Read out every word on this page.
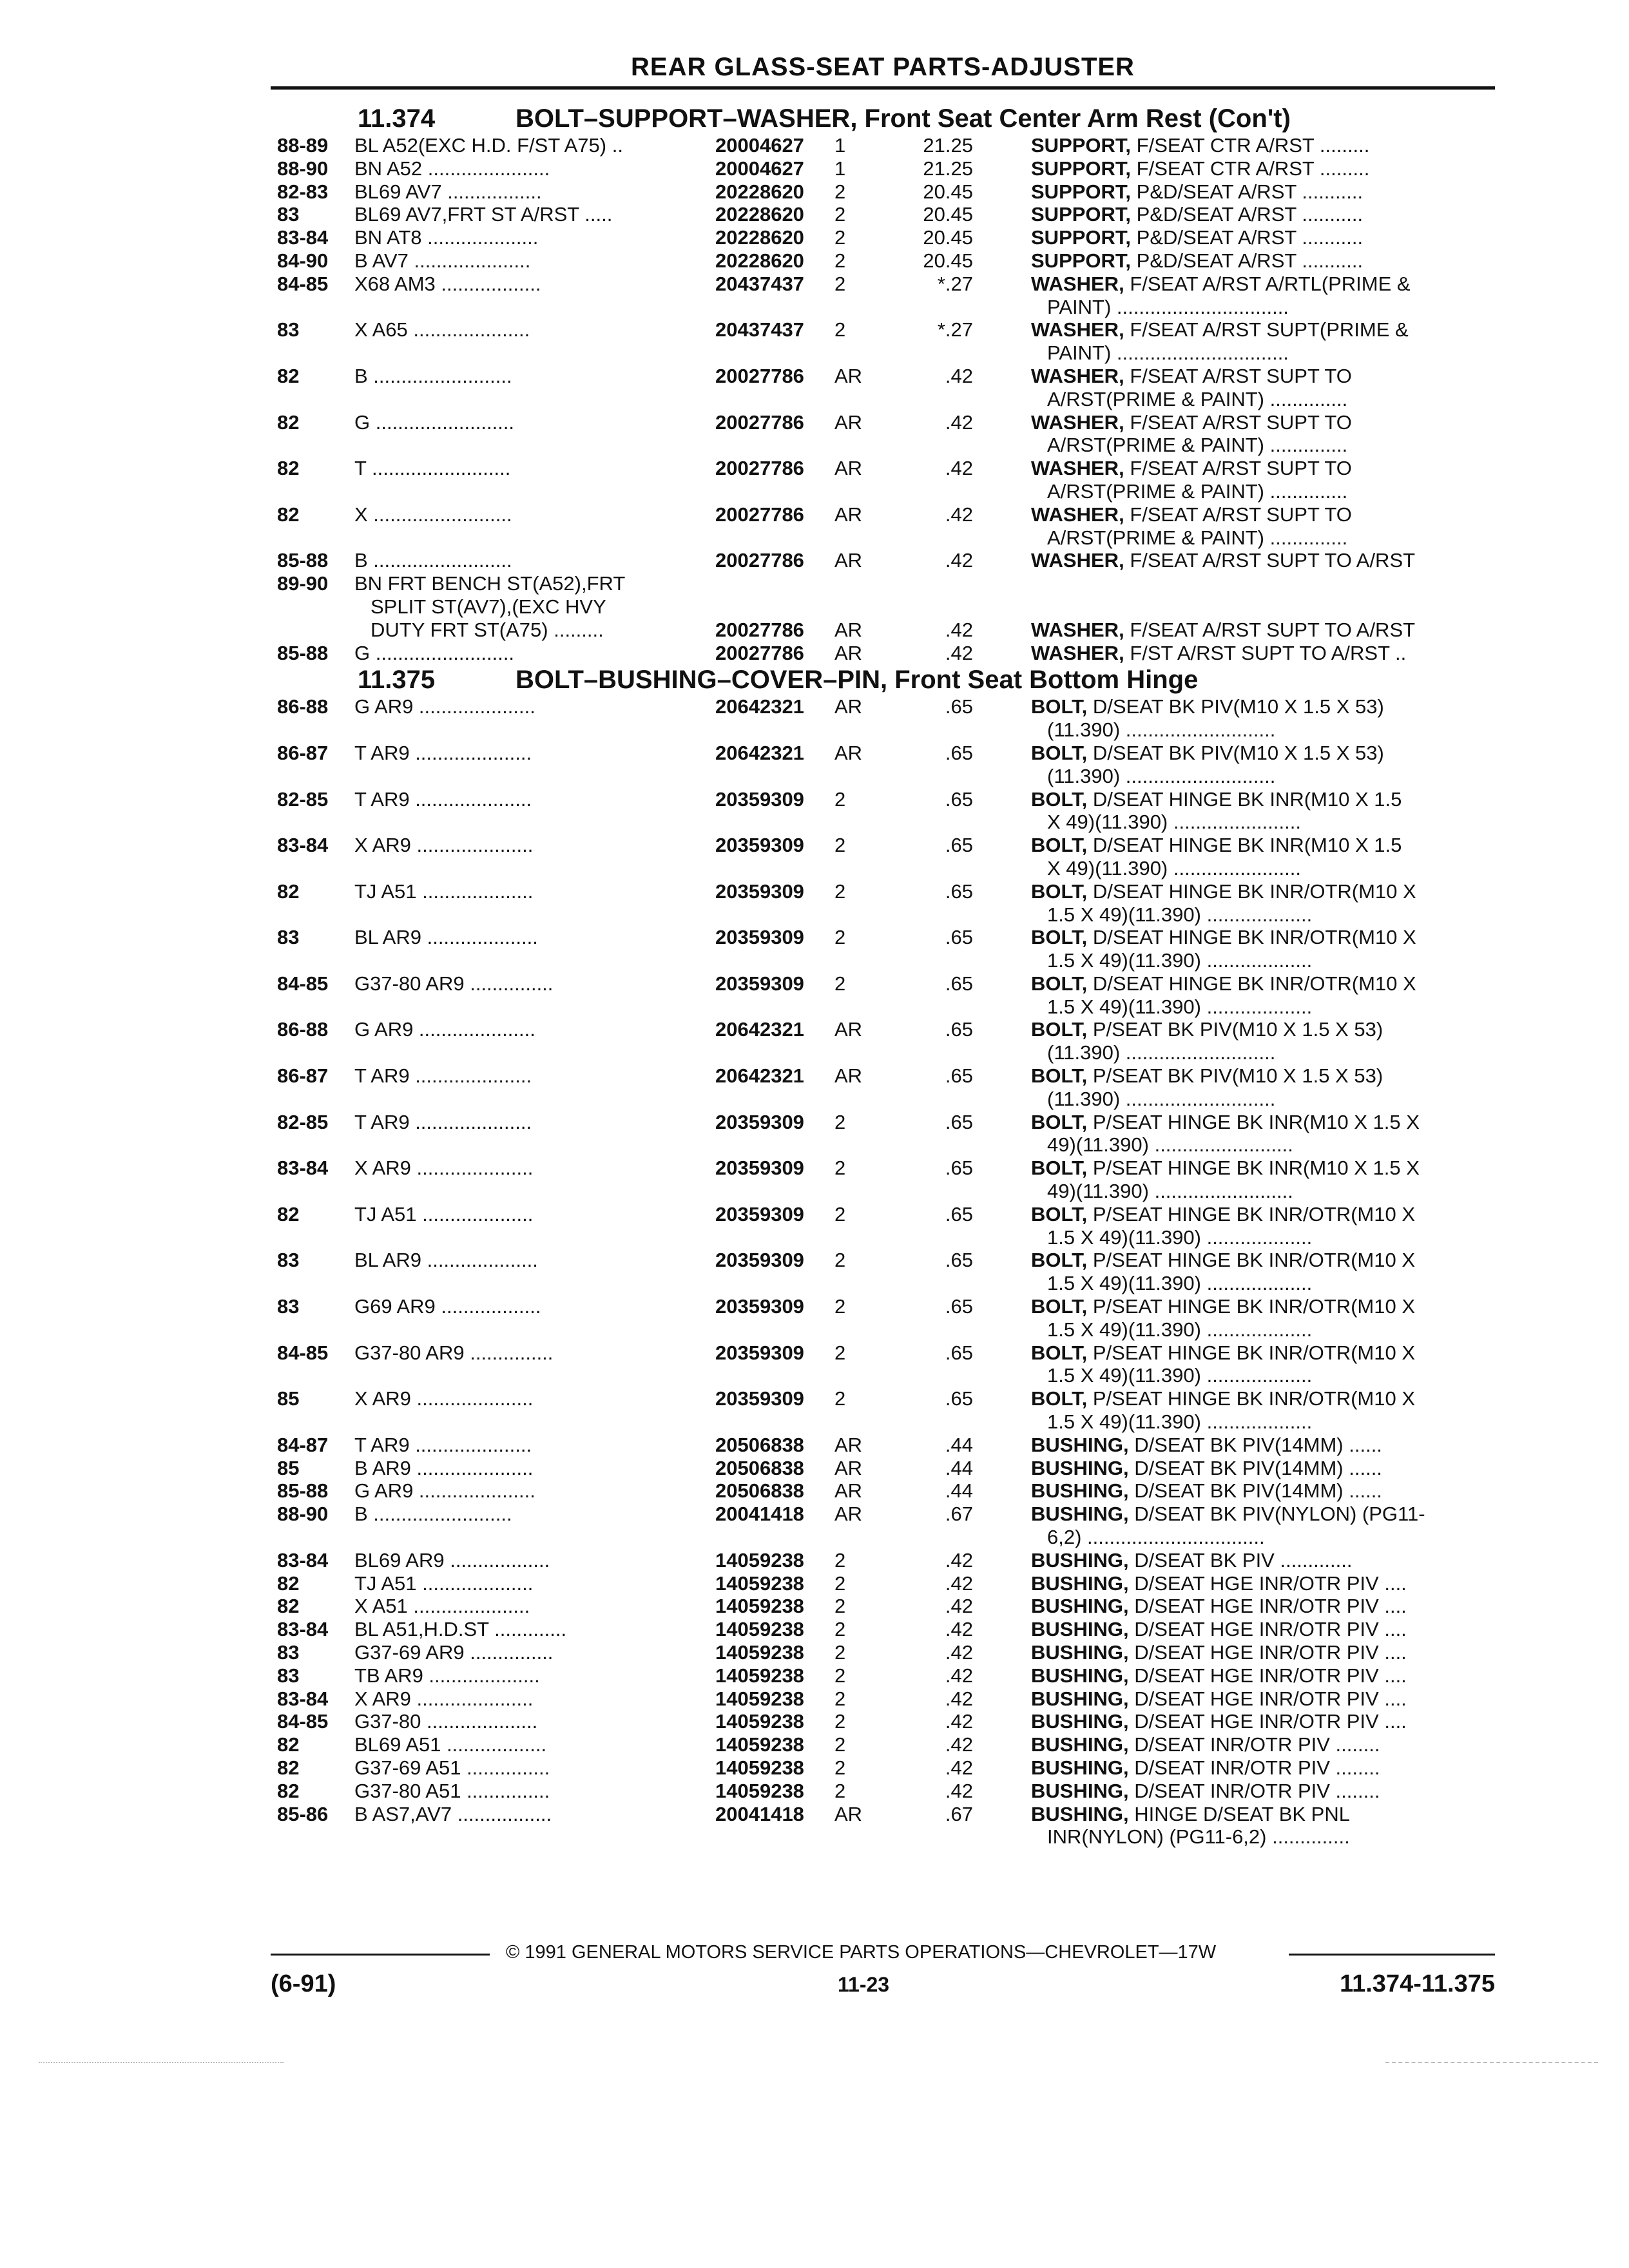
REAR GLASS-SEAT PARTS-ADJUSTER
11.374	BOLT–SUPPORT–WASHER, Front Seat Center Arm Rest (Con't)
88-89	BL A52(EXC H.D. F/ST A75) ..	20004627 1	21.25	SUPPORT, F/SEAT CTR A/RST .........
88-90	BN A52 ......................	20004627 1	21.25	SUPPORT, F/SEAT CTR A/RST .........
82-83	BL69 AV7 .................	20228620 2	20.45	SUPPORT, P&D/SEAT A/RST ...........
83	BL69 AV7,FRT ST A/RST .....	20228620 2	20.45	SUPPORT, P&D/SEAT A/RST ...........
83-84	BN AT8 ....................	20228620 2	20.45	SUPPORT, P&D/SEAT A/RST ...........
84-90	B AV7 .....................	20228620 2	20.45	SUPPORT, P&D/SEAT A/RST ...........
84-85	X68 AM3 ..................	20437437 2	*.27	WASHER, F/SEAT A/RST A/RTL(PRIME &
PAINT) ...............................
83	X A65 .....................	20437437 2	*.27	WASHER, F/SEAT A/RST SUPT(PRIME &
PAINT) ...............................
82	B .........................	20027786 AR	.42	WASHER, F/SEAT A/RST SUPT TO
A/RST(PRIME & PAINT) ..............
82	G .........................	20027786 AR	.42	WASHER, F/SEAT A/RST SUPT TO
A/RST(PRIME & PAINT) ..............
82	T .........................	20027786 AR	.42	WASHER, F/SEAT A/RST SUPT TO
A/RST(PRIME & PAINT) ..............
82	X .........................	20027786 AR	.42	WASHER, F/SEAT A/RST SUPT TO
A/RST(PRIME & PAINT) ..............
85-88	B .........................	20027786 AR	.42	WASHER, F/SEAT A/RST SUPT TO A/RST
89-90	BN FRT BENCH ST(A52),FRT
SPLIT ST(AV7),(EXC HVY
DUTY FRT ST(A75) .........	20027786 AR	.42	WASHER, F/SEAT A/RST SUPT TO A/RST
85-88	G .........................	20027786 AR	.42	WASHER, F/ST A/RST SUPT TO A/RST ..
11.375	BOLT–BUSHING–COVER–PIN, Front Seat Bottom Hinge
86-88	G AR9 .....................	20642321 AR	.65	BOLT, D/SEAT BK PIV(M10 X 1.5 X 53)
(11.390) ...........................
86-87	T AR9 .....................	20642321 AR	.65	BOLT, D/SEAT BK PIV(M10 X 1.5 X 53)
(11.390) ...........................
82-85	T AR9 .....................	20359309 2	.65	BOLT, D/SEAT HINGE BK INR(M10 X 1.5
X 49)(11.390) .......................
83-84	X AR9 .....................	20359309 2	.65	BOLT, D/SEAT HINGE BK INR(M10 X 1.5
X 49)(11.390) .......................
82	TJ A51 ....................	20359309 2	.65	BOLT, D/SEAT HINGE BK INR/OTR(M10 X
1.5 X 49)(11.390) ...................
83	BL AR9 ....................	20359309 2	.65	BOLT, D/SEAT HINGE BK INR/OTR(M10 X
1.5 X 49)(11.390) ...................
84-85	G37-80 AR9 ...............	20359309 2	.65	BOLT, D/SEAT HINGE BK INR/OTR(M10 X
1.5 X 49)(11.390) ...................
86-88	G AR9 .....................	20642321 AR	.65	BOLT, P/SEAT BK PIV(M10 X 1.5 X 53)
(11.390) ...........................
86-87	T AR9 .....................	20642321 AR	.65	BOLT, P/SEAT BK PIV(M10 X 1.5 X 53)
(11.390) ...........................
82-85	T AR9 .....................	20359309 2	.65	BOLT, P/SEAT HINGE BK INR(M10 X 1.5 X
49)(11.390) .........................
83-84	X AR9 .....................	20359309 2	.65	BOLT, P/SEAT HINGE BK INR(M10 X 1.5 X
49)(11.390) .........................
82	TJ A51 ....................	20359309 2	.65	BOLT, P/SEAT HINGE BK INR/OTR(M10 X
1.5 X 49)(11.390) ...................
83	BL AR9 ....................	20359309 2	.65	BOLT, P/SEAT HINGE BK INR/OTR(M10 X
1.5 X 49)(11.390) ...................
83	G69 AR9 ..................	20359309 2	.65	BOLT, P/SEAT HINGE BK INR/OTR(M10 X
1.5 X 49)(11.390) ...................
84-85	G37-80 AR9 ...............	20359309 2	.65	BOLT, P/SEAT HINGE BK INR/OTR(M10 X
1.5 X 49)(11.390) ...................
85	X AR9 .....................	20359309 2	.65	BOLT, P/SEAT HINGE BK INR/OTR(M10 X
1.5 X 49)(11.390) ...................
84-87	T AR9 .....................	20506838 AR	.44	BUSHING, D/SEAT BK PIV(14MM) ......
85	B AR9 .....................	20506838 AR	.44	BUSHING, D/SEAT BK PIV(14MM) ......
85-88	G AR9 .....................	20506838 AR	.44	BUSHING, D/SEAT BK PIV(14MM) ......
88-90	B .........................	20041418 AR	.67	BUSHING, D/SEAT BK PIV(NYLON) (PG11-
6,2) ................................
83-84	BL69 AR9 ..................	14059238 2	.42	BUSHING, D/SEAT BK PIV .............
82	TJ A51 ....................	14059238 2	.42	BUSHING, D/SEAT HGE INR/OTR PIV ....
82	X A51 .....................	14059238 2	.42	BUSHING, D/SEAT HGE INR/OTR PIV ....
83-84	BL A51,H.D.ST .............	14059238 2	.42	BUSHING, D/SEAT HGE INR/OTR PIV ....
83	G37-69 AR9 ...............	14059238 2	.42	BUSHING, D/SEAT HGE INR/OTR PIV ....
83	TB AR9 ....................	14059238 2	.42	BUSHING, D/SEAT HGE INR/OTR PIV ....
83-84	X AR9 .....................	14059238 2	.42	BUSHING, D/SEAT HGE INR/OTR PIV ....
84-85	G37-80 ....................	14059238 2	.42	BUSHING, D/SEAT HGE INR/OTR PIV ....
82	BL69 A51 ..................	14059238 2	.42	BUSHING, D/SEAT INR/OTR PIV ........
82	G37-69 A51 ...............	14059238 2	.42	BUSHING, D/SEAT INR/OTR PIV ........
82	G37-80 A51 ...............	14059238 2	.42	BUSHING, D/SEAT INR/OTR PIV ........
85-86	B AS7,AV7 .................	20041418 AR	.67	BUSHING, HINGE D/SEAT BK PNL
INR(NYLON) (PG11-6,2) ..............
© 1991 GENERAL MOTORS SERVICE PARTS OPERATIONS—CHEVROLET—17W
(6-91)	11-23	11.374-11.375
